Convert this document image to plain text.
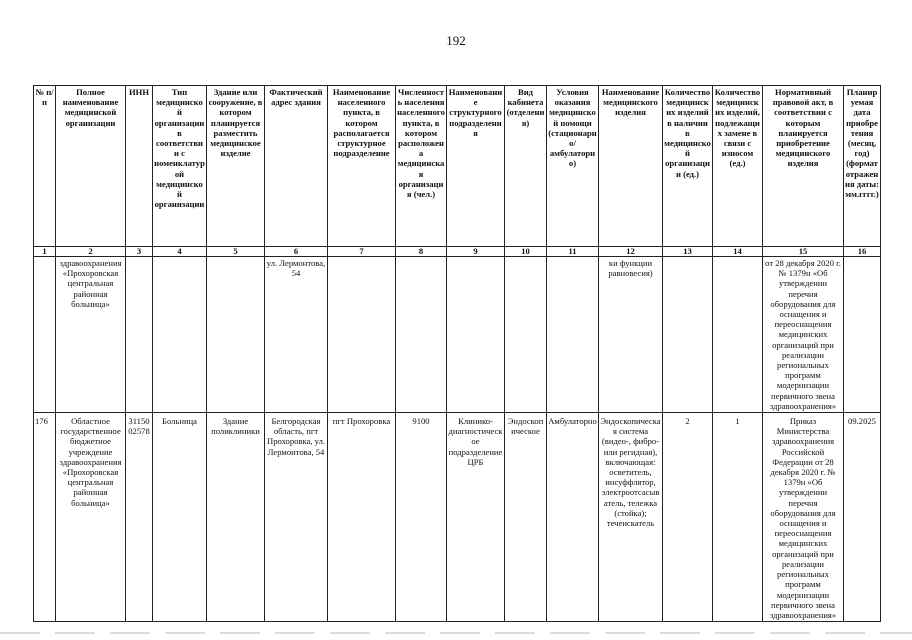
192
№ п/п	Полное наименование медицинской организации	ИНН	Тип медицинской организации в соответствии с номенклатурой медицинской организации	Здание или сооружение, в котором планируется разместить медицинское изделие	Фактический адрес здания	Наименование населенного пункта, в котором располагается структурное подразделение	Численность населения населенного пункта, в котором расположена медицинская организация (чел.)	Наименование структурного подразделения	Вид кабинета (отделения)	Условия оказания медицинской помощи (стационарно/амбулаторно)	Наименование медицинского изделия	Количество медицинских изделий в наличии в медицинской организации (ед.)	Количество медицинских изделий, подлежащих замене в связи с износом (ед.)	Нормативный правовой акт, в соответствии с которым планируется приобретение медицинского изделия	Планируемая дата приобретения (месяц, год) (формат отражения даты: мм.гггг.)
1	2	3	4	5	6	7	8	9	10	11	12	13	14	15	16
	здравоохранения «Прохоровская центральная районная больница»				ул. Лермонтова, 54						ки функции равновесия)			от 28 декабря 2020 г. № 1379н «Об утверждении перечня оборудования для оснащения и переоснащения медицинских организаций при реализации региональных программ модернизации первичного звена здравоохранения»	
176	Областное государственное бюджетное учреждение здравоохранения «Прохоровская центральная районная больница»	3115002578	Больница	Здание поликлиники	Белгородская область, пгт Прохоровка, ул. Лермонтова, 54	пгт Прохоровка	9100	Клинико-диагностическое подразделение ЦРБ	Эндоскопическое	Амбулаторно	Эндоскопическая система (видео-, фибро- или регидная), включающая: осветитель, инсуффлятор, электроотсасыватель, тележка (стойка); течеискатель	2	1	Приказ Министерства здравоохранения Российской Федерации от 28 декабря 2020 г. № 1379н «Об утверждении перечня оборудования для оснащения и переоснащения медицинских организаций при реализации региональных программ модернизации первичного звена здравоохранения»	09.2025
